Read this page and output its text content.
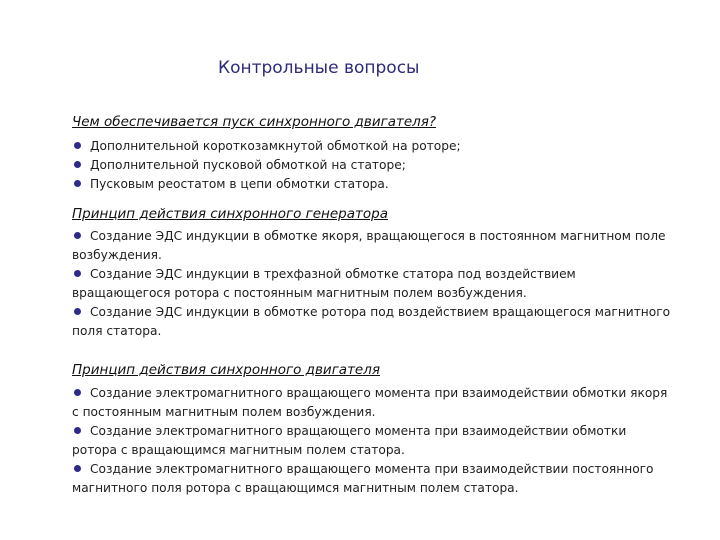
Контрольные вопросы
Чем обеспечивается пуск синхронного двигателя?
Дополнительной короткозамкнутой обмоткой на роторе;
Дополнительной пусковой обмоткой на статоре;
Пусковым реостатом в цепи обмотки статора.
Принцип действия синхронного генератора
Создание ЭДС индукции в обмотке якоря, вращающегося в постоянном магнитном поле возбуждения.
Создание ЭДС индукции в трехфазной обмотке статора под воздействием вращающегося ротора с постоянным магнитным полем возбуждения.
Создание ЭДС индукции в обмотке ротора под воздействием вращающегося магнитного поля статора.
Принцип действия синхронного двигателя
Создание электромагнитного вращающего момента при взаимодействии обмотки якоря с постоянным магнитным полем возбуждения.
Создание электромагнитного вращающего момента при взаимодействии обмотки ротора с вращающимся магнитным полем статора.
Создание электромагнитного вращающего момента при взаимодействии постоянного магнитного поля ротора с вращающимся магнитным полем статора.
